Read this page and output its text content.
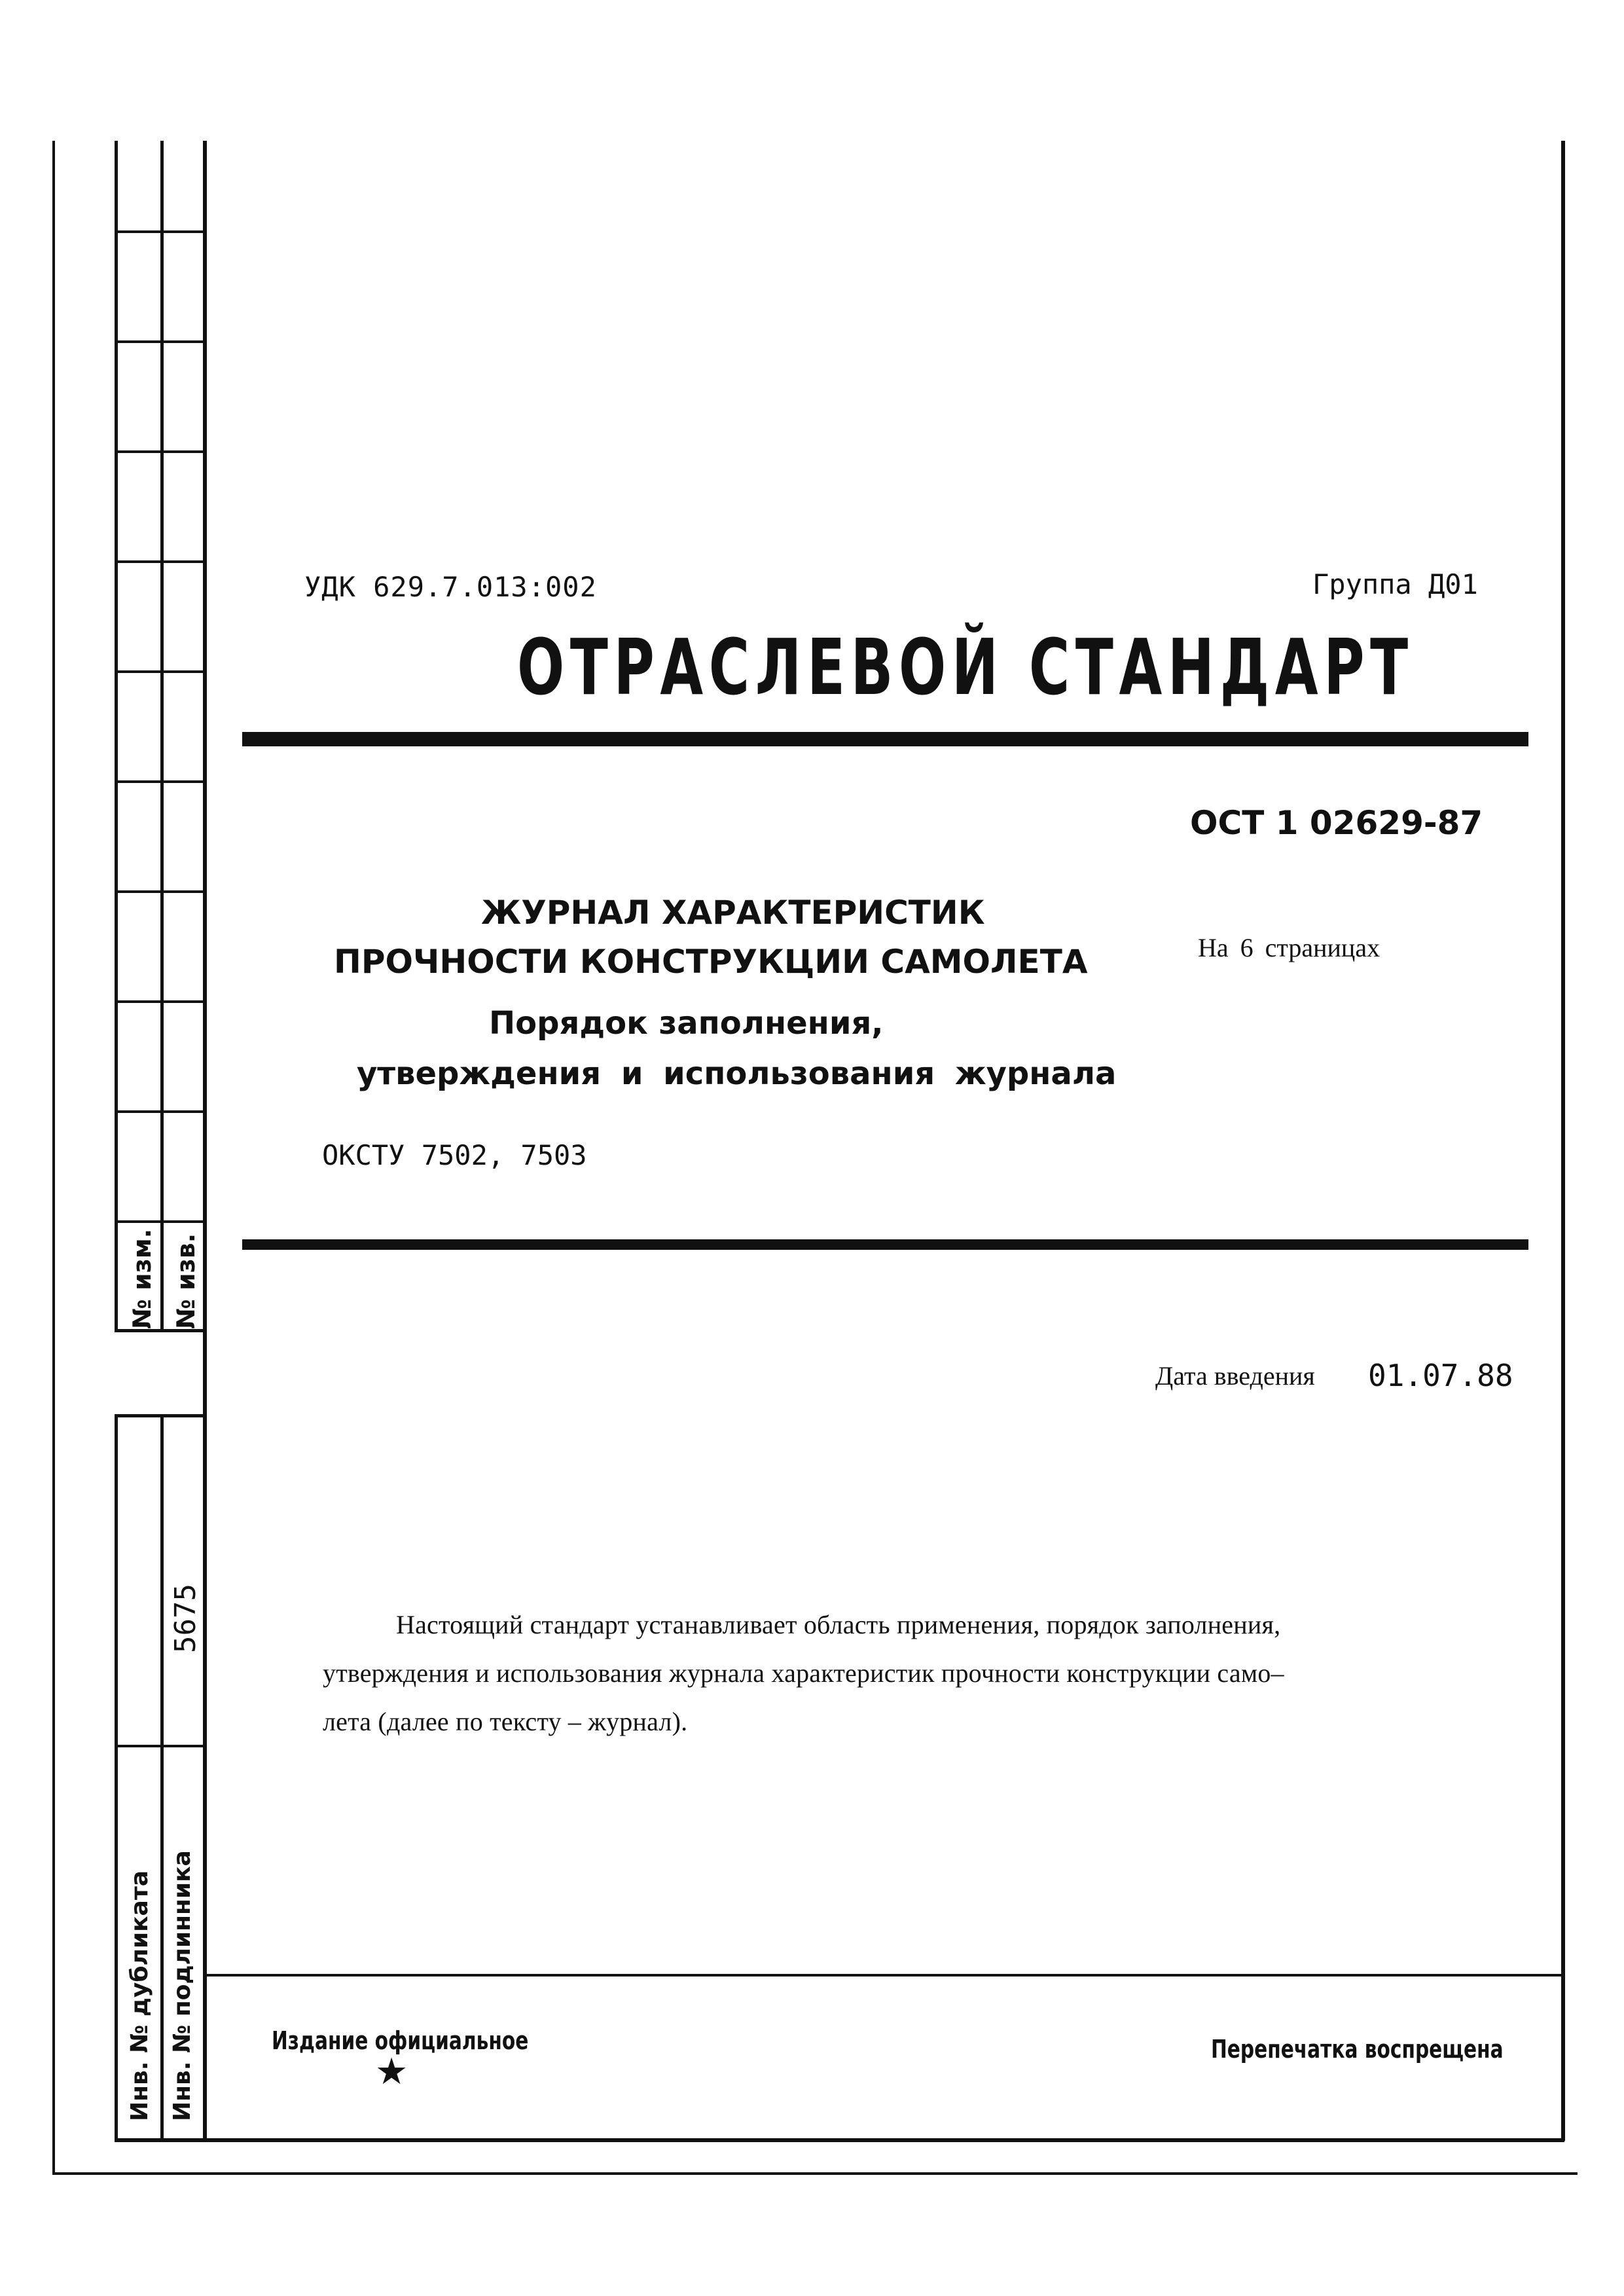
№ изм. № изв.
5675
Инв. № дубликата Инв. № подлинника
УДК 629.7.013:002	Группа Д01
ОТРАСЛЕВОЙ СТАНДАРТ
ОСТ 1 02629-87
ЖУРНАЛ ХАРАКТЕРИСТИК
ПРОЧНОСТИ КОНСТРУКЦИИ САМОЛЕТА
Порядок заполнения,
утверждения и использования журнала
На 6 страницах
ОКСТУ 7502, 7503
Дата введения 01.07.88
Настоящий стандарт устанавливает область применения, порядок заполнения,
утверждения и использования журнала характеристик прочности конструкции само–
лета (далее по тексту – журнал).
Издание официальное
★
Перепечатка воспрещена
